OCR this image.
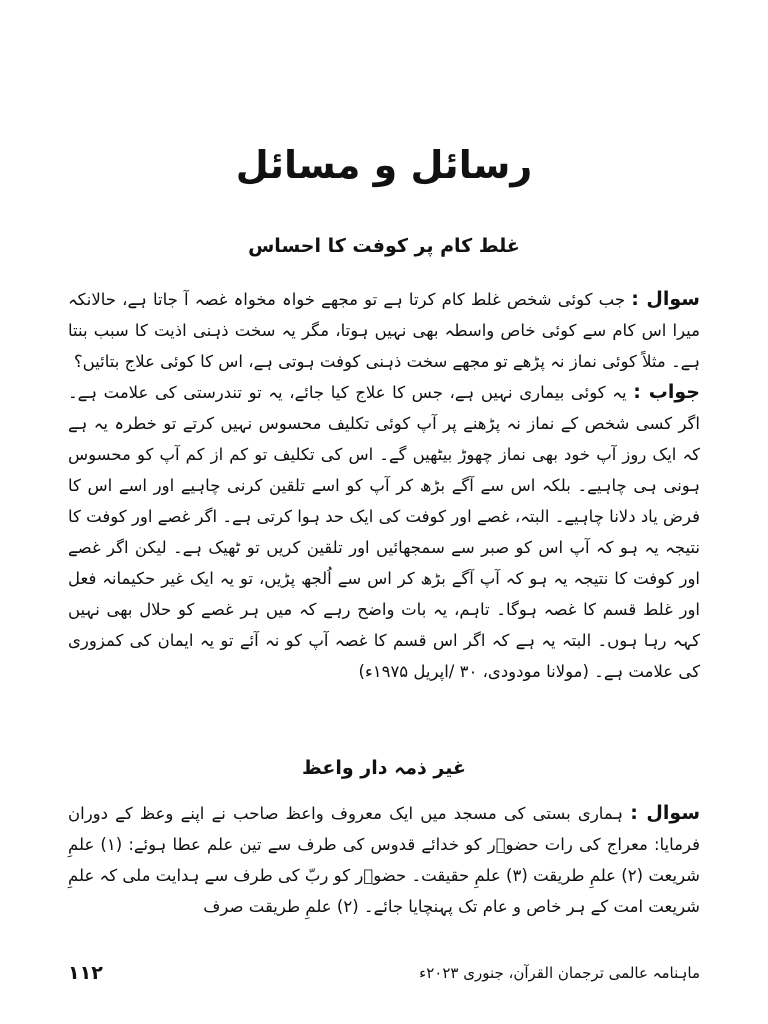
رسائل و مسائل
غلط کام پر کوفت کا احساس

سوال : جب کوئی شخص غلط کام کرتا ہے تو مجھے خواہ مخواہ غصہ آ جاتا ہے، حالانکہ میرا اس کام سے کوئی خاص واسطہ بھی نہیں ہوتا، مگر یہ سخت ذہنی اذیت کا سبب بنتا ہے۔ مثلاً کوئی نماز نہ پڑھے تو مجھے سخت ذہنی کوفت ہوتی ہے، اس کا کوئی علاج بتائیں؟

جواب : یہ کوئی بیماری نہیں ہے، جس کا علاج کیا جائے، یہ تو تندرستی کی علامت ہے۔ اگر کسی شخص کے نماز نہ پڑھنے پر آپ کوئی تکلیف محسوس نہیں کرتے تو خطرہ یہ ہے کہ ایک روز آپ خود بھی نماز چھوڑ بیٹھیں گے۔ اس کی تکلیف تو کم از کم آپ کو محسوس ہونی ہی چاہیے۔ بلکہ اس سے آگے بڑھ کر آپ کو اسے تلقین کرنی چاہیے اور اسے اس کا فرض یاد دلانا چاہیے۔ البتہ، غصے اور کوفت کی ایک حد ہوا کرتی ہے۔ اگر غصے اور کوفت کا نتیجہ یہ ہو کہ آپ اس کو صبر سے سمجھائیں اور تلقین کریں تو ٹھیک ہے۔ لیکن اگر غصے اور کوفت کا نتیجہ یہ ہو کہ آپ آگے بڑھ کر اس سے اُلجھ پڑیں، تو یہ ایک غیر حکیمانہ فعل اور غلط قسم کا غصہ ہوگا۔ تاہم، یہ بات واضح رہے کہ میں ہر غصے کو حلال بھی نہیں کہہ رہا ہوں۔ البتہ یہ ہے کہ اگر اس قسم کا غصہ آپ کو نہ آئے تو یہ ایمان کی کمزوری کی علامت ہے۔ (مولانا مودودی، ۳۰ /اپریل ۱۹۷۵ء)

غیر ذمہ دار واعظ

سوال : ہماری بستی کی مسجد میں ایک معروف واعظ صاحب نے اپنے وعظ کے دوران فرمایا: معراج کی رات حضوؐر کو خدائے قدوس کی طرف سے تین علم عطا ہوئے: (۱) علمِ شریعت (۲) علمِ طریقت (۳) علمِ حقیقت۔ حضوؐر کو ربّ کی طرف سے ہدایت ملی کہ علمِ شریعت امت کے ہر خاص و عام تک پہنچایا جائے۔ (۲) علمِ طریقت صرف

ماہنامہ عالمی ترجمان القرآن، جنوری ۲۰۲۳ء
۱۱۲
